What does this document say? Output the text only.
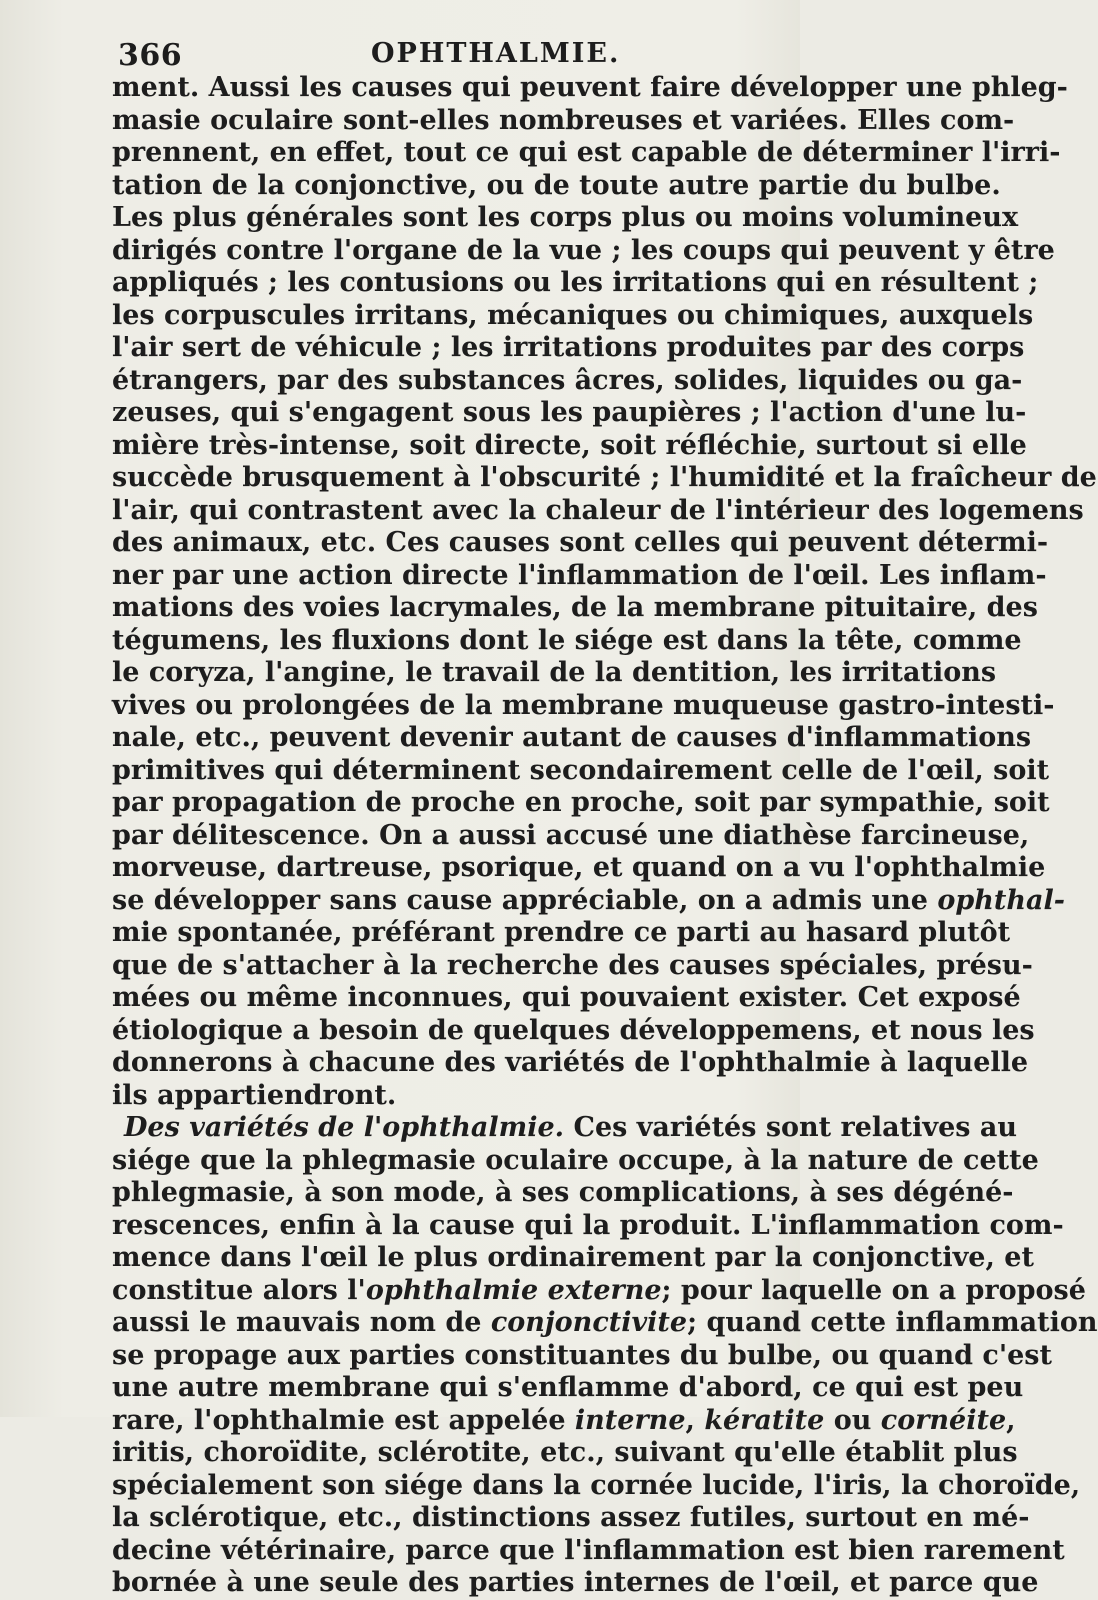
366	OPHTHALMIE.
ment. Aussi les causes qui peuvent faire développer une phleg-
masie oculaire sont-elles nombreuses et variées. Elles com-
prennent, en effet, tout ce qui est capable de déterminer l'irri-
tation de la conjonctive, ou de toute autre partie du bulbe.
Les plus générales sont les corps plus ou moins volumineux
dirigés contre l'organe de la vue ; les coups qui peuvent y être
appliqués ; les contusions ou les irritations qui en résultent ;
les corpuscules irritans, mécaniques ou chimiques, auxquels
l'air sert de véhicule ; les irritations produites par des corps
étrangers, par des substances âcres, solides, liquides ou ga-
zeuses, qui s'engagent sous les paupières ; l'action d'une lu-
mière très-intense, soit directe, soit réfléchie, surtout si elle
succède brusquement à l'obscurité ; l'humidité et la fraîcheur de
l'air, qui contrastent avec la chaleur de l'intérieur des logemens
des animaux, etc. Ces causes sont celles qui peuvent détermi-
ner par une action directe l'inflammation de l'œil. Les inflam-
mations des voies lacrymales, de la membrane pituitaire, des
tégumens, les fluxions dont le siége est dans la tête, comme
le coryza, l'angine, le travail de la dentition, les irritations
vives ou prolongées de la membrane muqueuse gastro-intesti-
nale, etc., peuvent devenir autant de causes d'inflammations
primitives qui déterminent secondairement celle de l'œil, soit
par propagation de proche en proche, soit par sympathie, soit
par délitescence. On a aussi accusé une diathèse farcineuse,
morveuse, dartreuse, psorique, et quand on a vu l'ophthalmie
se développer sans cause appréciable, on a admis une ophthal-
mie spontanée, préférant prendre ce parti au hasard plutôt
que de s'attacher à la recherche des causes spéciales, présu-
mées ou même inconnues, qui pouvaient exister. Cet exposé
étiologique a besoin de quelques développemens, et nous les
donnerons à chacune des variétés de l'ophthalmie à laquelle
ils appartiendront.
Des variétés de l'ophthalmie. Ces variétés sont relatives au
siége que la phlegmasie oculaire occupe, à la nature de cette
phlegmasie, à son mode, à ses complications, à ses dégéné-
rescences, enfin à la cause qui la produit. L'inflammation com-
mence dans l'œil le plus ordinairement par la conjonctive, et
constitue alors l'ophthalmie externe; pour laquelle on a proposé
aussi le mauvais nom de conjonctivite; quand cette inflammation
se propage aux parties constituantes du bulbe, ou quand c'est
une autre membrane qui s'enflamme d'abord, ce qui est peu
rare, l'ophthalmie est appelée interne, kératite ou cornéite,
iritis, choroïdite, sclérotite, etc., suivant qu'elle établit plus
spécialement son siége dans la cornée lucide, l'iris, la choroïde,
la sclérotique, etc., distinctions assez futiles, surtout en mé-
decine vétérinaire, parce que l'inflammation est bien rarement
bornée à une seule des parties internes de l'œil, et parce que
